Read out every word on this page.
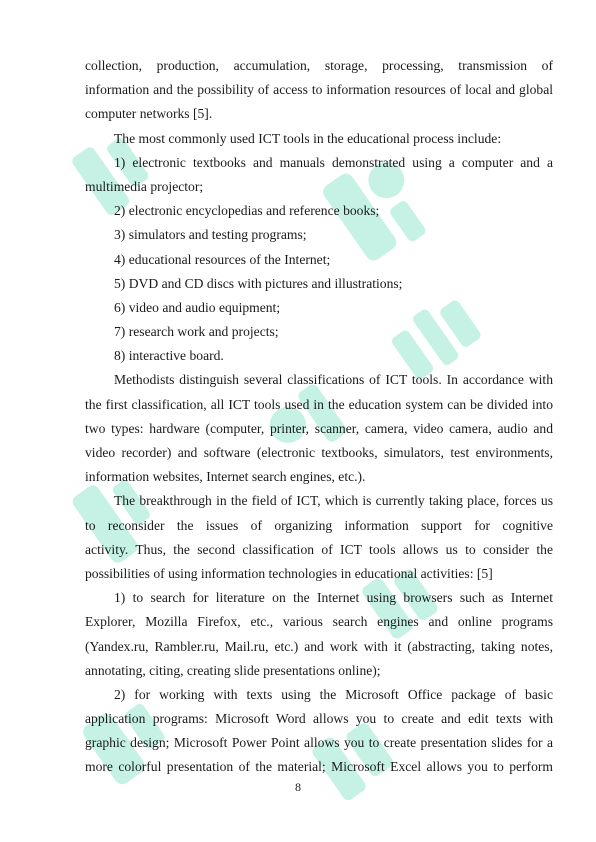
collection, production, accumulation, storage, processing, transmission of
information and the possibility of access to information resources of local and global
computer networks [5].
The most commonly used ICT tools in the educational process include:
1) electronic textbooks and manuals demonstrated using a computer and a
multimedia projector;
2) electronic encyclopedias and reference books;
3) simulators and testing programs;
4) educational resources of the Internet;
5) DVD and CD discs with pictures and illustrations;
6) video and audio equipment;
7) research work and projects;
8) interactive board.
Methodists distinguish several classifications of ICT tools. In accordance with
the first classification, all ICT tools used in the education system can be divided into
two types: hardware (computer, printer, scanner, camera, video camera, audio and
video recorder) and software (electronic textbooks, simulators, test environments,
information websites, Internet search engines, etc.).
The breakthrough in the field of ICT, which is currently taking place, forces us
to reconsider the issues of organizing information support for cognitive
activity. Thus, the second classification of ICT tools allows us to consider the
possibilities of using information technologies in educational activities: [5]
1) to search for literature on the Internet using browsers such as Internet
Explorer, Mozilla Firefox, etc., various search engines and online programs
(Yandex.ru, Rambler.ru, Mail.ru, etc.) and work with it (abstracting, taking notes,
annotating, citing, creating slide presentations online);
2) for working with texts using the Microsoft Office package of basic
application programs: Microsoft Word allows you to create and edit texts with
graphic design; Microsoft Power Point allows you to create presentation slides for a
more colorful presentation of the material; Microsoft Excel allows you to perform
8
